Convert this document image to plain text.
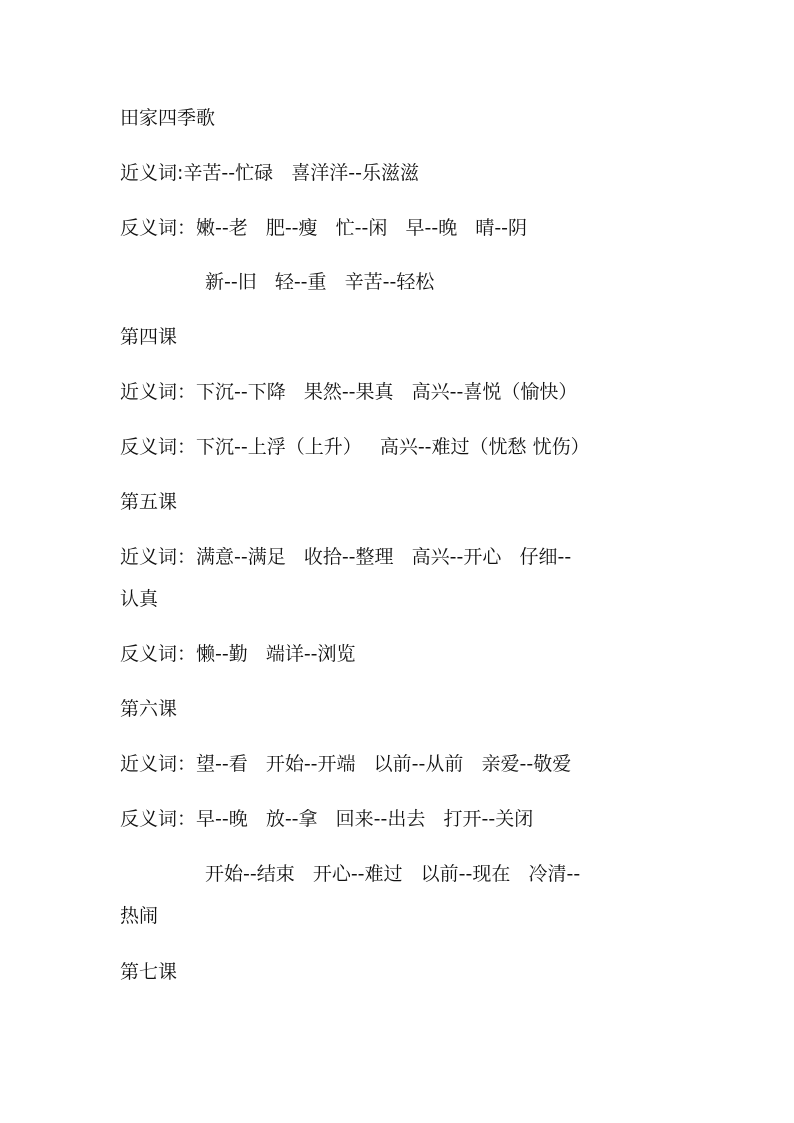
田家四季歌
近义词:辛苦--忙碌   喜洋洋--乐滋滋
反义词：嫩--老   肥--瘦   忙--闲   早--晚   晴--阴
新--旧   轻--重   辛苦--轻松
第四课
近义词：下沉--下降   果然--果真   高兴--喜悦（愉快）
反义词：下沉--上浮（上升）   高兴--难过（忧愁 忧伤）
第五课
近义词：满意--满足   收拾--整理   高兴--开心   仔细--
认真
反义词：懒--勤   端详--浏览
第六课
近义词：望--看   开始--开端   以前--从前   亲爱--敬爱
反义词：早--晚   放--拿   回来--出去   打开--关闭
开始--结束   开心--难过   以前--现在   冷清--
热闹
第七课
